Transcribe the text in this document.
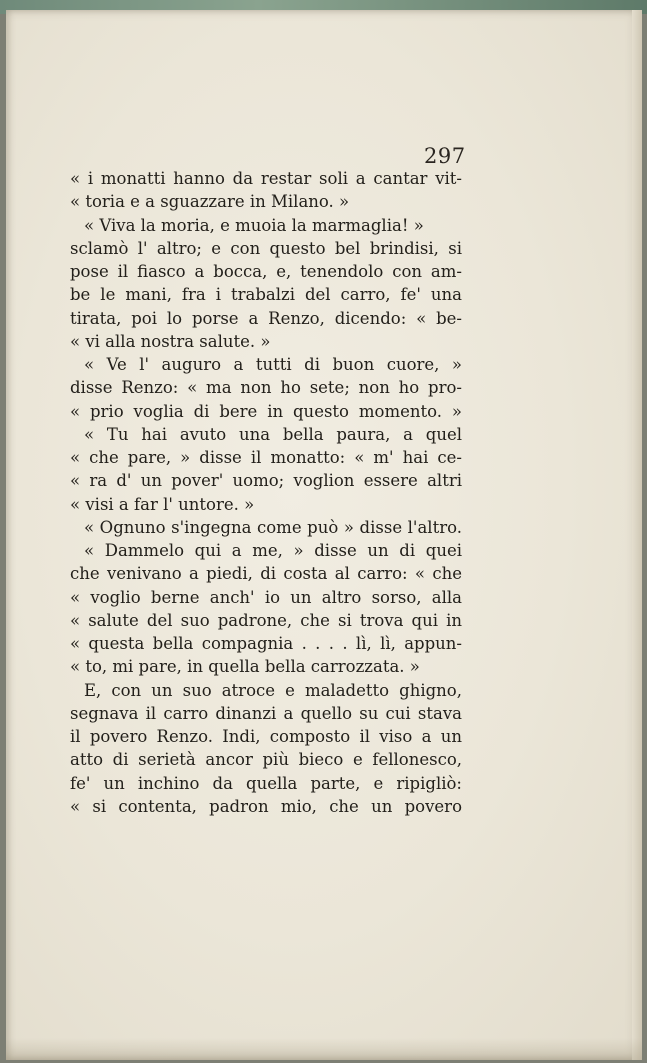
297
« i monatti hanno da restar soli a cantar vit-
« toria e a sguazzare in Milano. »
« Viva la moria, e muoia la marmaglia! »
sclamò l' altro; e con questo bel brindisi, si
pose il fiasco a bocca, e, tenendolo con am-
be le mani, fra i trabalzi del carro, fe' una
tirata, poi lo porse a Renzo, dicendo: « be-
« vi alla nostra salute. »
« Ve l' auguro a tutti di buon cuore, »
disse Renzo: « ma non ho sete; non ho pro-
« prio voglia di bere in questo momento. »
« Tu hai avuto una bella paura, a quel
« che pare, » disse il monatto: « m' hai ce-
« ra d' un pover' uomo; voglion essere altri
« visi a far l' untore. »
« Ognuno s'ingegna come può » disse l'altro.
« Dammelo qui a me, » disse un di quei
che venivano a piedi, di costa al carro: « che
« voglio berne anch' io un altro sorso, alla
« salute del suo padrone, che si trova qui in
« questa bella compagnia . . . . lì, lì, appun-
« to, mi pare, in quella bella carrozzata. »
E, con un suo atroce e maladetto ghigno,
segnava il carro dinanzi a quello su cui stava
il povero Renzo. Indi, composto il viso a un
atto di serietà ancor più bieco e fellonesco,
fe' un inchino da quella parte, e ripigliò:
« si contenta, padron mio, che un povero
